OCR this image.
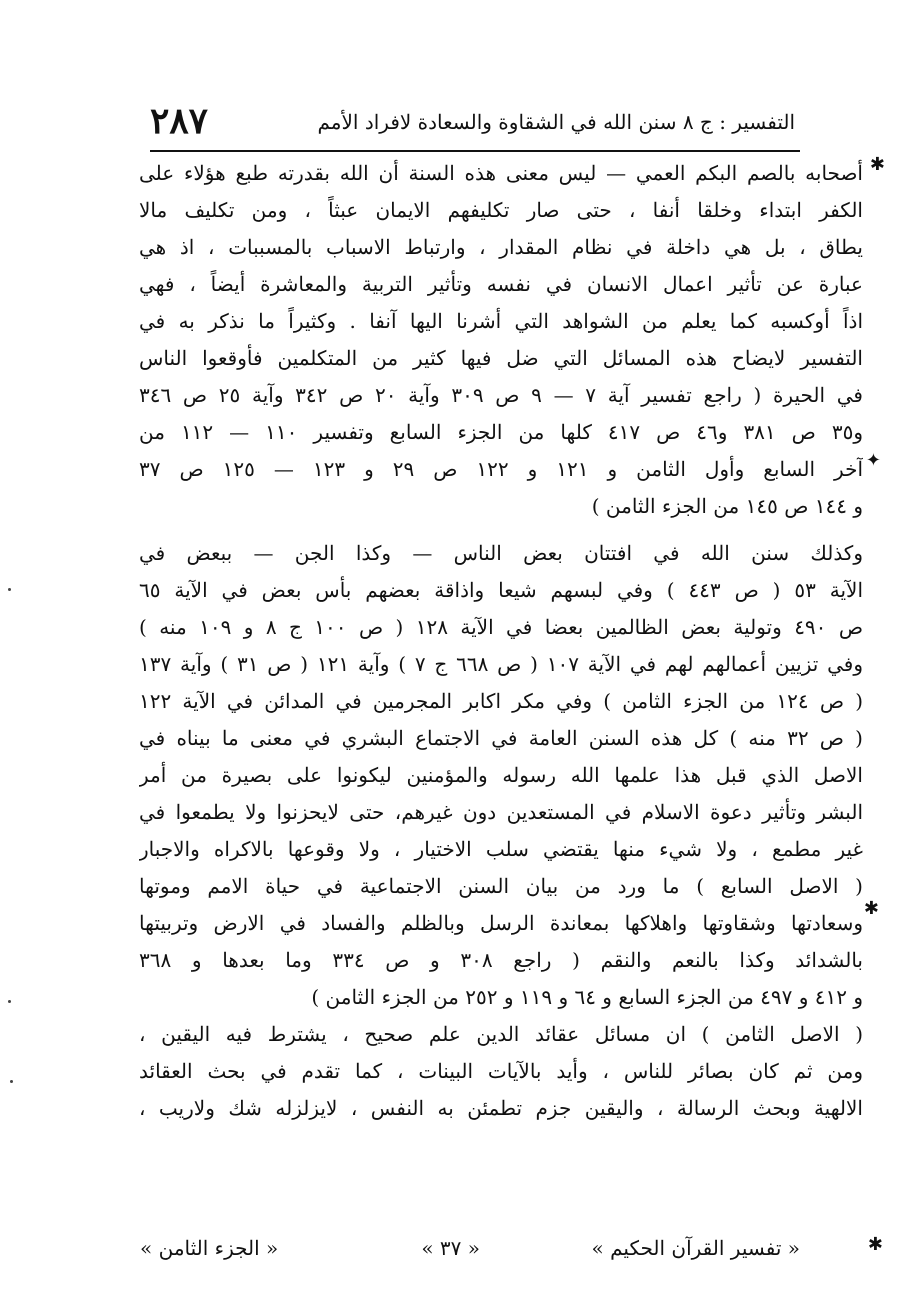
التفسير : ج ٨ سنن الله في الشقاوة والسعادة لافراد الأمم
٢٨٧
✱
✦
✱
✱
أصحابه بالصم البكم العمي — ليس معنى هذه السنة أن الله بقدرته طبع هؤلاء على
الكفر ابتداء وخلقا أنفا ، حتى صار تكليفهم الايمان عبثاً ، ومن تكليف مالا
يطاق ، بل هي داخلة في نظام المقدار ، وارتباط الاسباب بالمسببات ، اذ هي
عبارة عن تأثير اعمال الانسان في نفسه وتأثير التربية والمعاشرة أيضاً ، فهي
اذاً أوكسبه كما يعلم من الشواهد التي أشرنا اليها آنفا . وكثيراً ما نذكر به في
التفسير لايضاح هذه المسائل التي ضل فيها كثير من المتكلمين فأوقعوا الناس
في الحيرة ( راجع تفسير آية ٧ — ٩ ص ٣٠٩ وآية ٢٠ ص ٣٤٢ وآية ٢٥ ص ٣٤٦
و٣٥ ص ٣٨١ و٤٦ ص ٤١٧ كلها من الجزء السابع وتفسير ١١٠ — ١١٢ من
آخر السابع وأول الثامن و ١٢١ و ١٢٢ ص ٢٩ و ١٢٣ — ١٢٥ ص ٣٧
و ١٤٤ ص ١٤٥ من الجزء الثامن )
وكذلك سنن الله في افتتان بعض الناس — وكذا الجن — ببعض في
الآية ٥٣ ( ص ٤٤٣ ) وفي لبسهم شيعا واذاقة بعضهم بأس بعض في الآية ٦٥
ص ٤٩٠ وتولية بعض الظالمين بعضا في الآية ١٢٨ ( ص ١٠٠ ج ٨ و ١٠٩ منه )
وفي تزيين أعمالهم لهم في الآية ١٠٧ ( ص ٦٦٨ ج ٧ ) وآية ١٢١ ( ص ٣١ ) وآية ١٣٧
( ص ١٢٤ من الجزء الثامن ) وفي مكر اكابر المجرمين في المدائن في الآية ١٢٢
( ص ٣٢ منه ) كل هذه السنن العامة في الاجتماع البشري في معنى ما بيناه في
الاصل الذي قبل هذا علمها الله رسوله والمؤمنين ليكونوا على بصيرة من أمر
البشر وتأثير دعوة الاسلام في المستعدين دون غيرهم، حتى لايحزنوا ولا يطمعوا في
غير مطمع ، ولا شيء منها يقتضي سلب الاختيار ، ولا وقوعها بالاكراه والاجبار
( الاصل السابع ) ما ورد من بيان السنن الاجتماعية في حياة الامم وموتها
وسعادتها وشقاوتها واهلاكها بمعاندة الرسل وبالظلم والفساد في الارض وتربيتها
بالشدائد وكذا بالنعم والنقم ( راجع ٣٠٨ و ص ٣٣٤ وما بعدها و ٣٦٨
و ٤١٢ و ٤٩٧ من الجزء السابع و ٦٤ و ١١٩ و ٢٥٢ من الجزء الثامن )
( الاصل الثامن ) ان مسائل عقائد الدين علم صحيح ، يشترط فيه اليقين ،
ومن ثم كان بصائر للناس ، وأيد بالآيات البينات ، كما تقدم في بحث العقائد
الالهية وبحث الرسالة ، واليقين جزم تطمئن به النفس ، لايزلزله شك ولاريب ،
« تفسير القرآن الحكيم »
« ٣٧ »
« الجزء الثامن »
